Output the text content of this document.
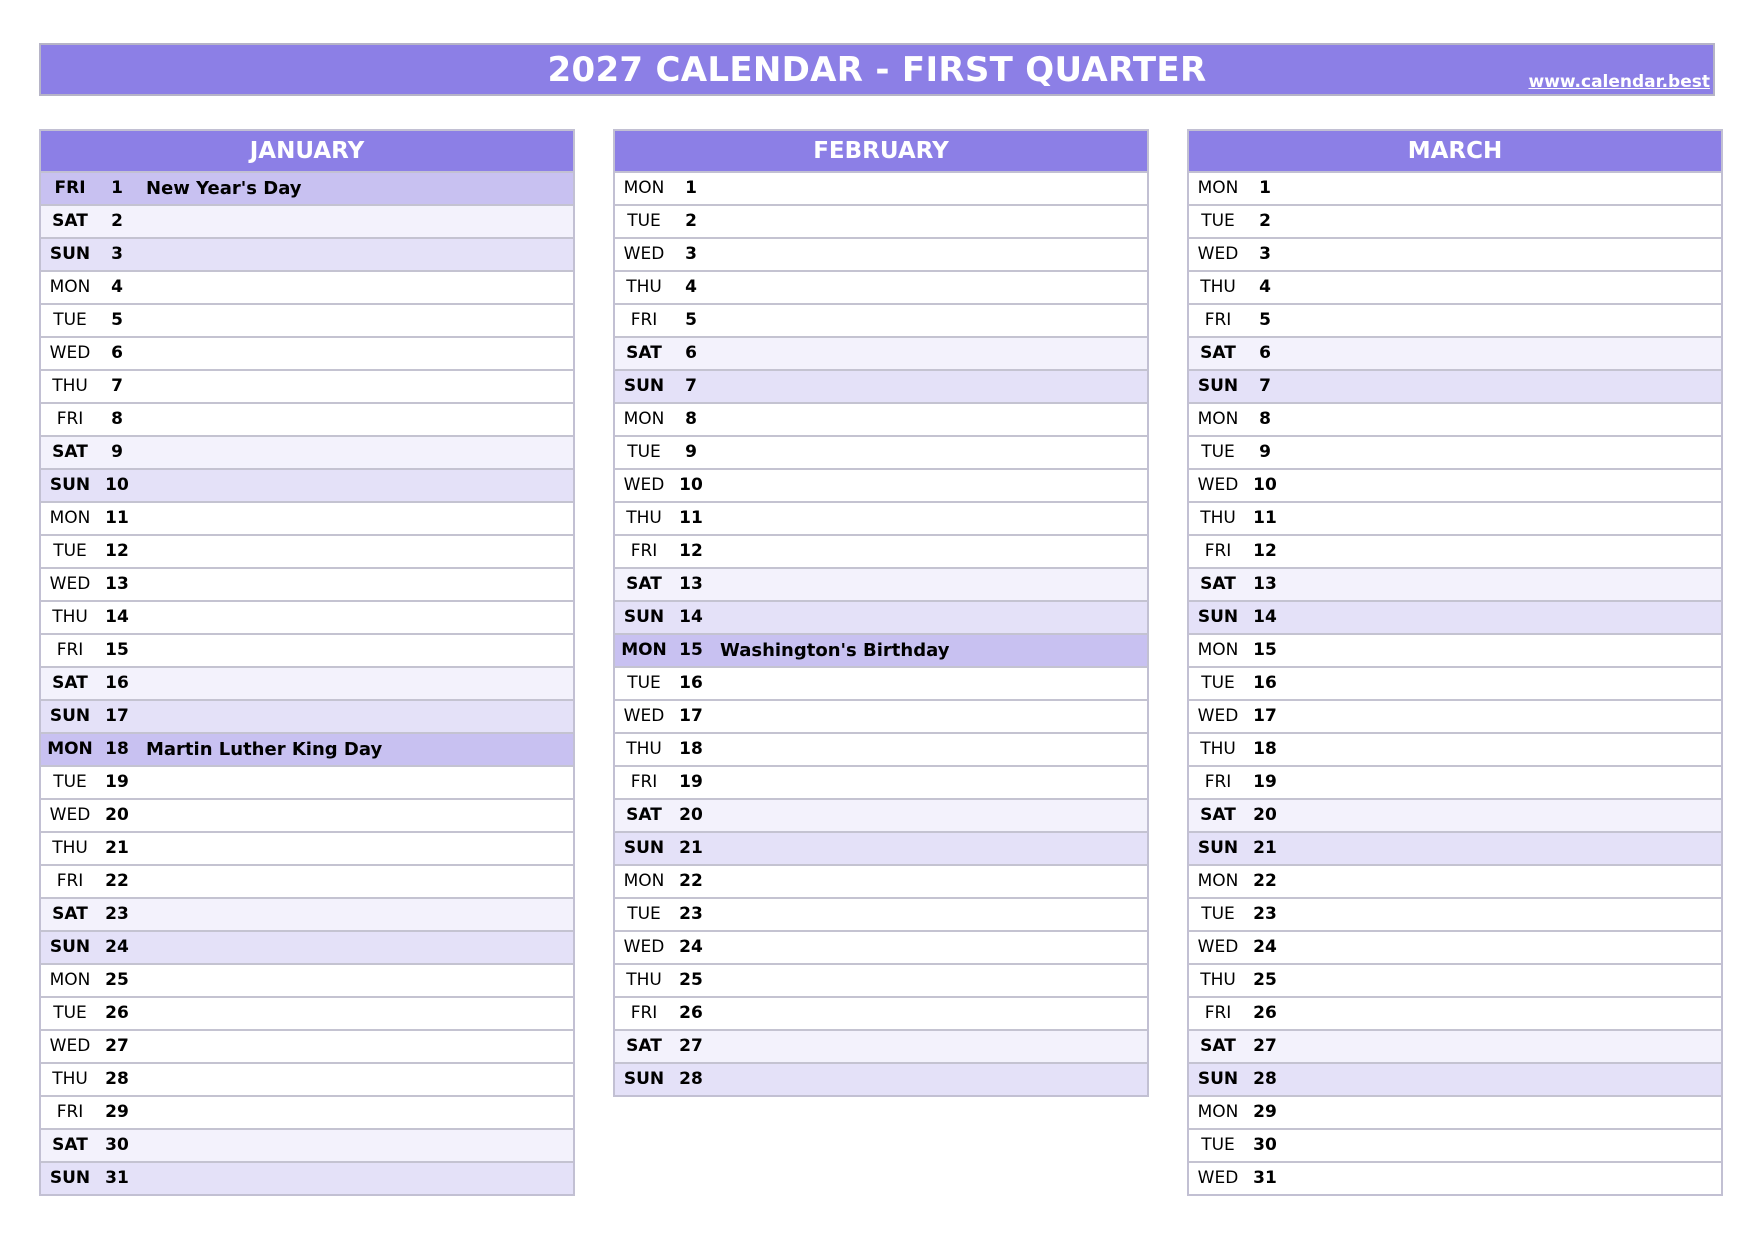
2027 CALENDAR - FIRST QUARTER	www.calendar.best
JANUARY
FRI	1	New Year's Day
SAT	2
SUN	3
MON	4
TUE	5
WED	6
THU	7
FRI	8
SAT	9
SUN 10
MON 11
TUE	12
WED 13
THU	14
FRI	15
SAT	16
SUN 17
MON 18 Martin Luther King Day
TUE	19
WED 20
THU	21
FRI	22
SAT	23
SUN 24
MON 25
TUE	26
WED 27
THU	28
FRI	29
SAT	30
SUN 31
FEBRUARY
MON	1
TUE	2
WED	3
THU	4
FRI	5
SAT	6
SUN	7
MON	8
TUE	9
WED 10
THU	11
FRI	12
SAT	13
SUN 14
MON 15 Washington's Birthday
TUE	16
WED 17
THU	18
FRI	19
SAT	20
SUN 21
MON 22
TUE	23
WED 24
THU	25
FRI	26
SAT	27
SUN 28
MARCH
MON	1
TUE	2
WED	3
THU	4
FRI	5
SAT	6
SUN	7
MON	8
TUE	9
WED 10
THU	11
FRI	12
SAT	13
SUN 14
MON 15
TUE	16
WED 17
THU	18
FRI	19
SAT	20
SUN 21
MON 22
TUE	23
WED 24
THU	25
FRI	26
SAT	27
SUN 28
MON 29
TUE	30
WED 31
